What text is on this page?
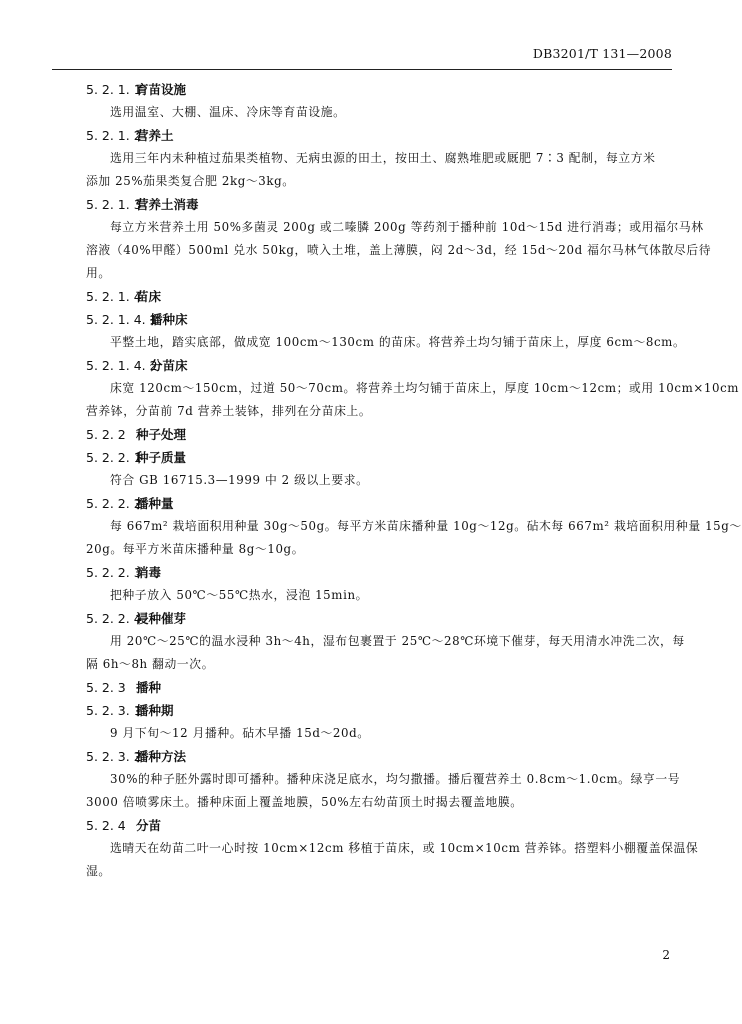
DB3201/T 131—2008
5. 2. 1. 1育苗设施
选用温室、大棚、温床、冷床等育苗设施。
5. 2. 1. 2营养土
选用三年内未种植过茄果类植物、无病虫源的田土，按田土、腐熟堆肥或厩肥 7∶3 配制，每立方米
添加 25%茄果类复合肥 2kg～3kg。
5. 2. 1. 3营养土消毒
每立方米营养土用 50%多菌灵 200g 或二嗪膦 200g 等药剂于播种前 10d～15d 进行消毒；或用福尔马林
溶液（40%甲醛）500ml 兑水 50kg，喷入土堆，盖上薄膜，闷 2d～3d，经 15d～20d 福尔马林气体散尽后待
用。
5. 2. 1. 4苗床
5. 2. 1. 4. 1播种床
平整土地，踏实底部，做成宽 100cm～130cm 的苗床。将营养土均匀铺于苗床上，厚度 6cm～8cm。
5. 2. 1. 4. 2分苗床
床宽 120cm～150cm，过道 50～70cm。将营养土均匀铺于苗床上，厚度 10cm～12cm；或用 10cm×10cm
营养钵，分苗前 7d 营养土装钵，排列在分苗床上。
5. 2. 2 种子处理
5. 2. 2. 1种子质量
符合 GB 16715.3—1999 中 2 级以上要求。
5. 2. 2. 2播种量
每 667m² 栽培面积用种量 30g～50g。每平方米苗床播种量 10g～12g。砧木每 667m² 栽培面积用种量 15g～
20g。每平方米苗床播种量 8g～10g。
5. 2. 2. 3消毒
把种子放入 50℃～55℃热水，浸泡 15min。
5. 2. 2. 4浸种催芽
用 20℃～25℃的温水浸种 3h～4h，湿布包裹置于 25℃～28℃环境下催芽，每天用清水冲洗二次，每
隔 6h～8h 翻动一次。
5. 2. 3 播种
5. 2. 3. 1播种期
9 月下旬～12 月播种。砧木早播 15d～20d。
5. 2. 3. 2播种方法
30%的种子胚外露时即可播种。播种床浇足底水，均匀撒播。播后覆营养土 0.8cm～1.0cm。绿亨一号
3000 倍喷雾床土。播种床面上覆盖地膜，50%左右幼苗顶土时揭去覆盖地膜。
5. 2. 4 分苗
选晴天在幼苗二叶一心时按 10cm×12cm 移植于苗床，或 10cm×10cm 营养钵。搭塑料小棚覆盖保温保
湿。
2
